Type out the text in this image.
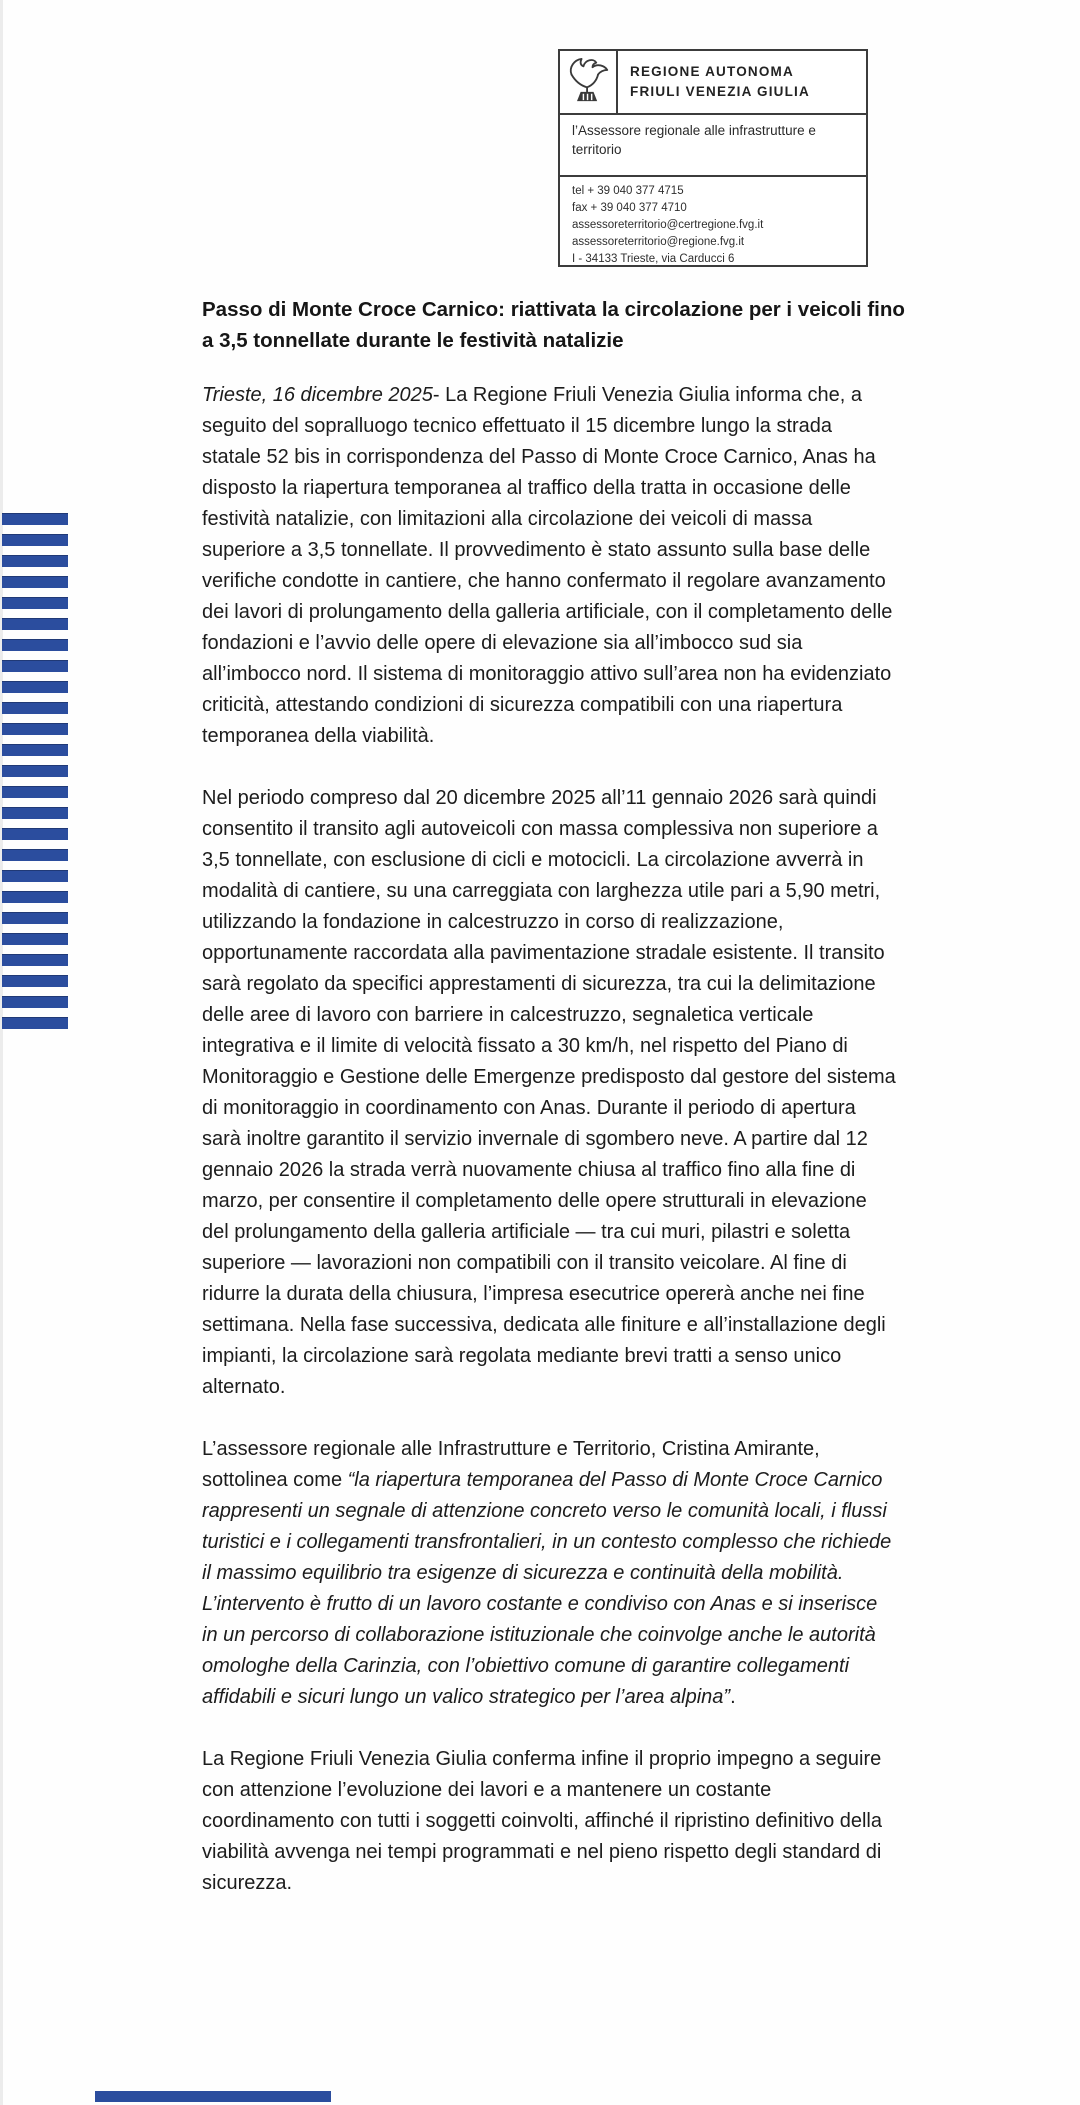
REGIONE AUTONOMA
FRIULI VENEZIA GIULIA
l’Assessore regionale alle infrastrutture e territorio
tel + 39 040 377 4715
fax + 39 040 377 4710
assessoreterritorio@certregione.fvg.it
assessoreterritorio@regione.fvg.it
I - 34133 Trieste, via Carducci 6
Passo di Monte Croce Carnico: riattivata la circolazione per i veicoli fino a 3,5 tonnellate durante le festività natalizie

Trieste, 16 dicembre 2025- La Regione Friuli Venezia Giulia informa che, a seguito del sopralluogo tecnico effettuato il 15 dicembre lungo la strada statale 52 bis in corrispondenza del Passo di Monte Croce Carnico, Anas ha disposto la riapertura temporanea al traffico della tratta in occasione delle festività natalizie, con limitazioni alla circolazione dei veicoli di massa superiore a 3,5 tonnellate. Il provvedimento è stato assunto sulla base delle verifiche condotte in cantiere, che hanno confermato il regolare avanzamento dei lavori di prolungamento della galleria artificiale, con il completamento delle fondazioni e l’avvio delle opere di elevazione sia all’imbocco sud sia all’imbocco nord. Il sistema di monitoraggio attivo sull’area non ha evidenziato criticità, attestando condizioni di sicurezza compatibili con una riapertura temporanea della viabilità.

Nel periodo compreso dal 20 dicembre 2025 all’11 gennaio 2026 sarà quindi consentito il transito agli autoveicoli con massa complessiva non superiore a 3,5 tonnellate, con esclusione di cicli e motocicli. La circolazione avverrà in modalità di cantiere, su una carreggiata con larghezza utile pari a 5,90 metri, utilizzando la fondazione in calcestruzzo in corso di realizzazione, opportunamente raccordata alla pavimentazione stradale esistente. Il transito sarà regolato da specifici apprestamenti di sicurezza, tra cui la delimitazione delle aree di lavoro con barriere in calcestruzzo, segnaletica verticale integrativa e il limite di velocità fissato a 30 km/h, nel rispetto del Piano di Monitoraggio e Gestione delle Emergenze predisposto dal gestore del sistema di monitoraggio in coordinamento con Anas. Durante il periodo di apertura sarà inoltre garantito il servizio invernale di sgombero neve. A partire dal 12 gennaio 2026 la strada verrà nuovamente chiusa al traffico fino alla fine di marzo, per consentire il completamento delle opere strutturali in elevazione del prolungamento della galleria artificiale — tra cui muri, pilastri e soletta superiore — lavorazioni non compatibili con il transito veicolare. Al fine di ridurre la durata della chiusura, l’impresa esecutrice opererà anche nei fine settimana. Nella fase successiva, dedicata alle finiture e all’installazione degli impianti, la circolazione sarà regolata mediante brevi tratti a senso unico alternato.

L’assessore regionale alle Infrastrutture e Territorio, Cristina Amirante, sottolinea come “la riapertura temporanea del Passo di Monte Croce Carnico rappresenti un segnale di attenzione concreto verso le comunità locali, i flussi turistici e i collegamenti transfrontalieri, in un contesto complesso che richiede il massimo equilibrio tra esigenze di sicurezza e continuità della mobilità. L’intervento è frutto di un lavoro costante e condiviso con Anas e si inserisce in un percorso di collaborazione istituzionale che coinvolge anche le autorità omologhe della Carinzia, con l’obiettivo comune di garantire collegamenti affidabili e sicuri lungo un valico strategico per l’area alpina”.

La Regione Friuli Venezia Giulia conferma infine il proprio impegno a seguire con attenzione l’evoluzione dei lavori e a mantenere un costante coordinamento con tutti i soggetti coinvolti, affinché il ripristino definitivo della viabilità avvenga nei tempi programmati e nel pieno rispetto degli standard di sicurezza.
